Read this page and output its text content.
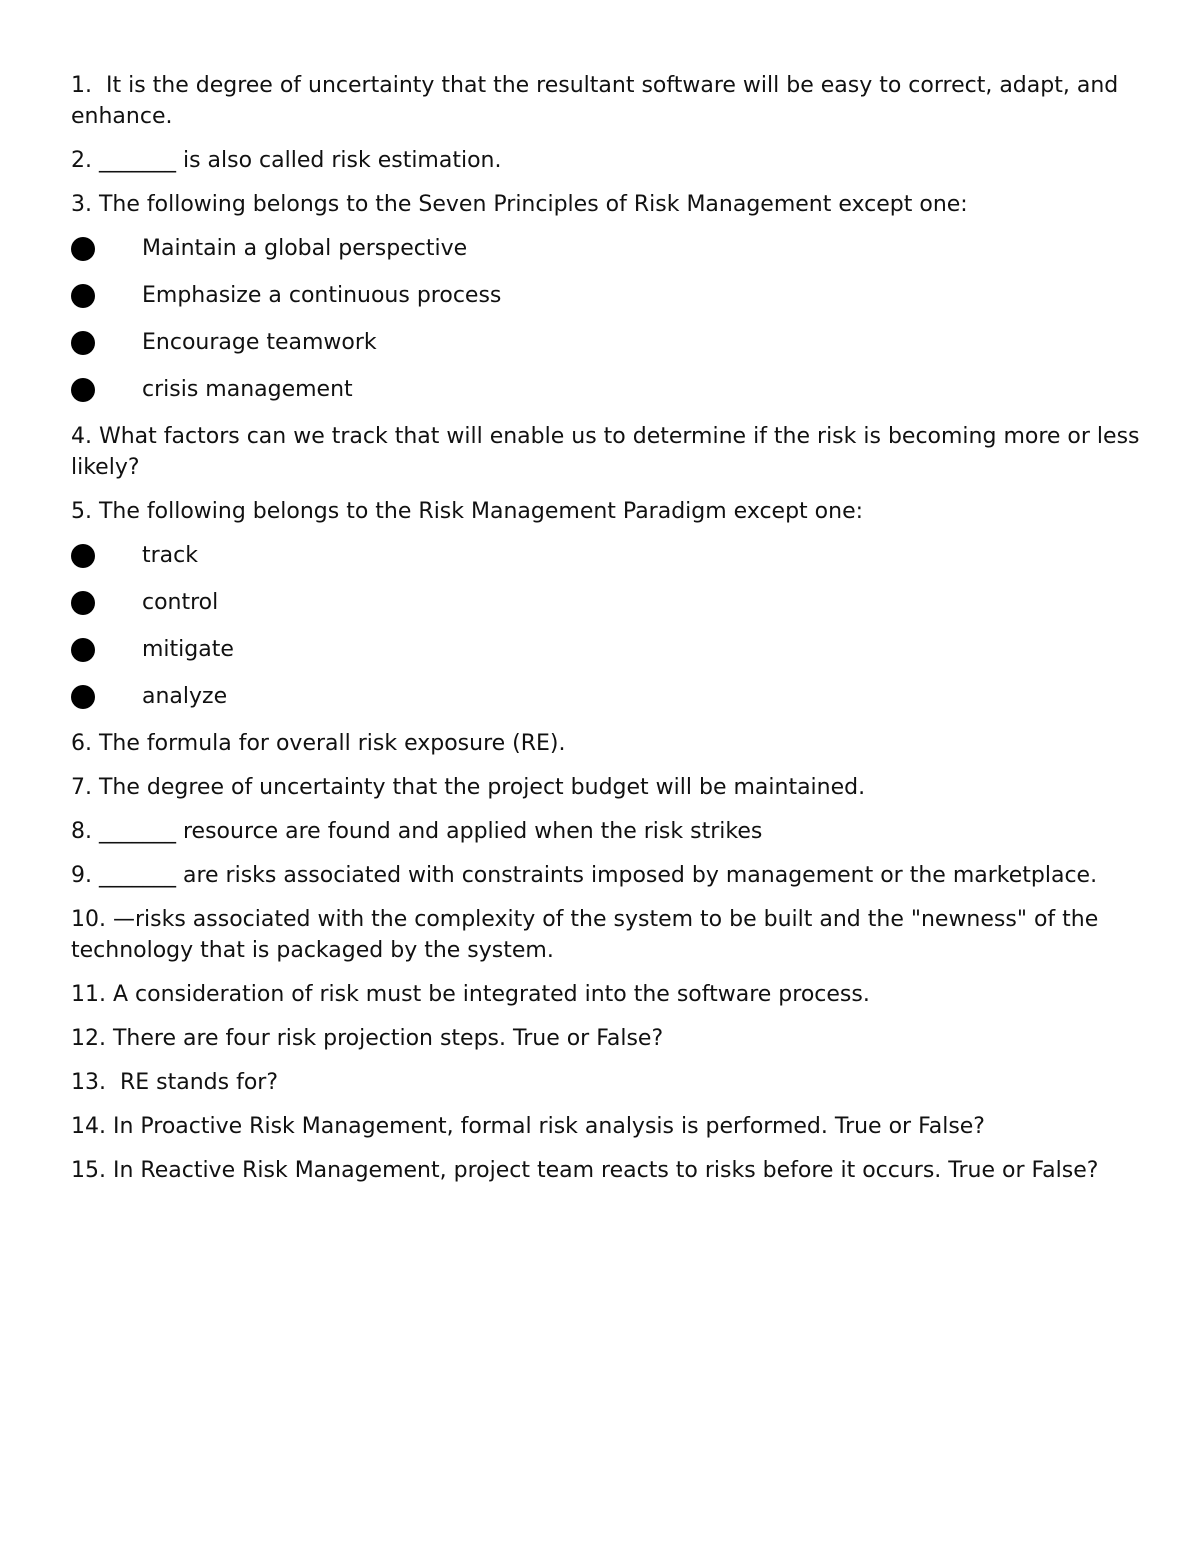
1.  It is the degree of uncertainty that the resultant software will be easy to correct, adapt, and enhance.

2. _______ is also called risk estimation.

3. The following belongs to the Seven Principles of Risk Management except one:

Maintain a global perspective
Emphasize a continuous process
Encourage teamwork
crisis management

4. What factors can we track that will enable us to determine if the risk is becoming more or less likely?

5. The following belongs to the Risk Management Paradigm except one:

track
control
mitigate
analyze

6. The formula for overall risk exposure (RE).

7. The degree of uncertainty that the project budget will be maintained.

8. _______ resource are found and applied when the risk strikes

9. _______ are risks associated with constraints imposed by management or the marketplace.

10. —risks associated with the complexity of the system to be built and the "newness" of the technology that is packaged by the system.

11. A consideration of risk must be integrated into the software process.

12. There are four risk projection steps. True or False?

13.  RE stands for?

14. In Proactive Risk Management, formal risk analysis is performed. True or False?

15. In Reactive Risk Management, project team reacts to risks before it occurs. True or False?
